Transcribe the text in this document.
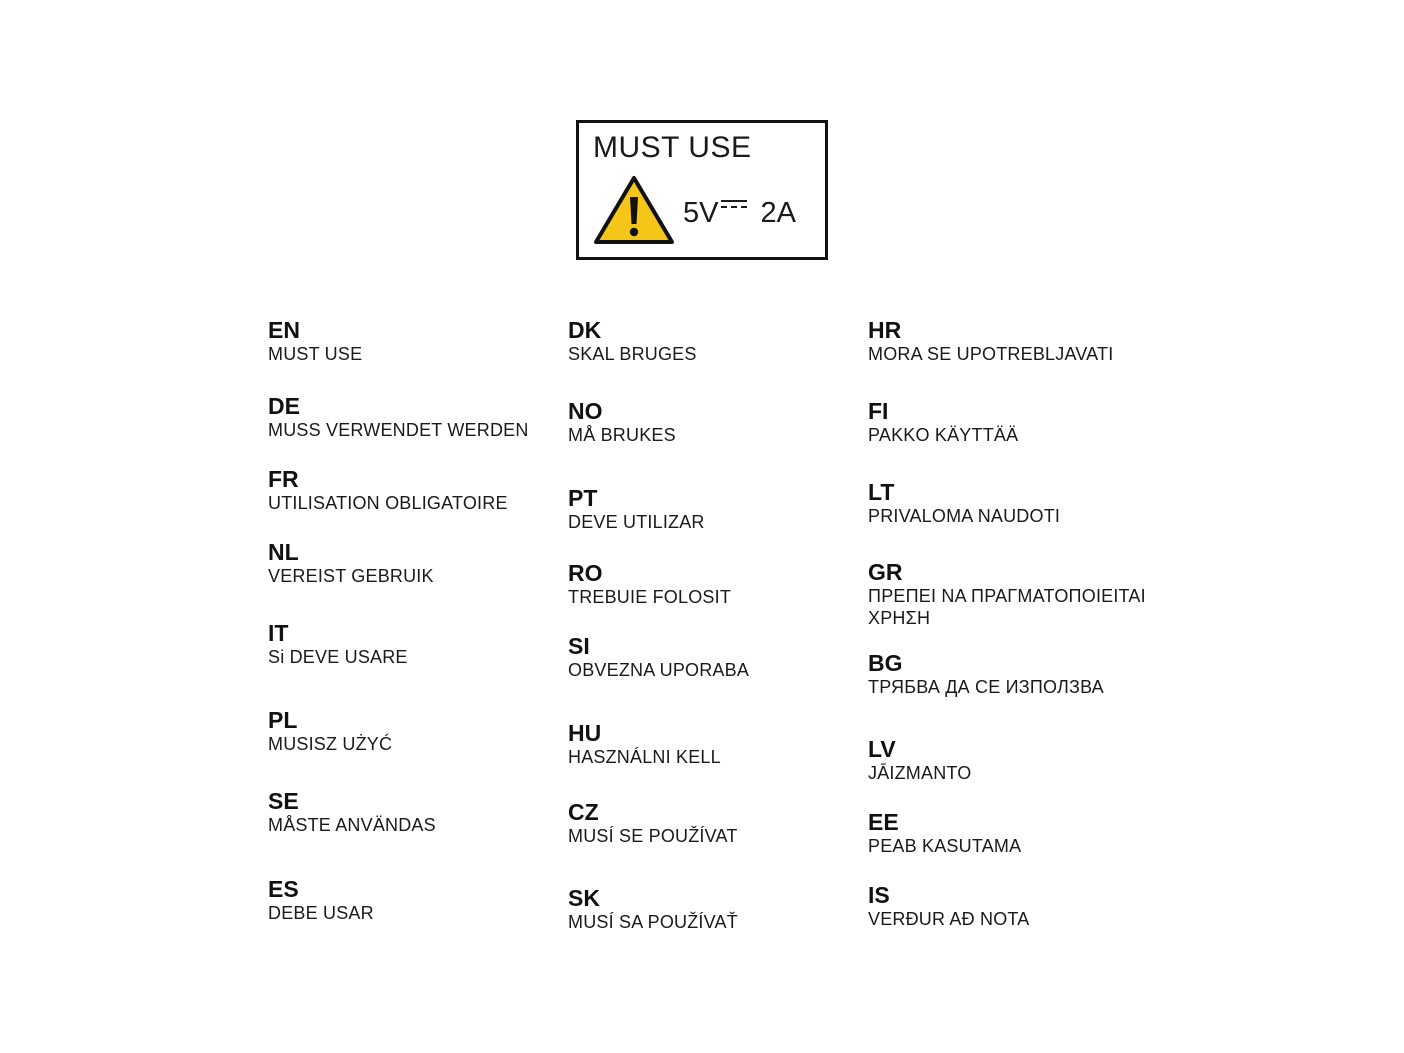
MUST USE
5V 2A
EN
MUST USE
DE
MUSS VERWENDET WERDEN
FR
UTILISATION OBLIGATOIRE
NL
VEREIST GEBRUIK
IT
Si DEVE USARE
PL
MUSISZ UŻYĆ
SE
MÅSTE ANVÄNDAS
ES
DEBE USAR
DK
SKAL BRUGES
NO
MÅ BRUKES
PT
DEVE UTILIZAR
RO
TREBUIE FOLOSIT
SI
OBVEZNA UPORABA
HU
HASZNÁLNI KELL
CZ
MUSÍ SE POUŽÍVAT
SK
MUSÍ SA POUŽÍVAŤ
HR
MORA SE UPOTREBLJAVATI
FI
PAKKO KÄYTTÄÄ
LT
PRIVALOMA NAUDOTI
GR
ΠΡΕΠΕΙ ΝΑ ΠΡΑΓΜΑΤΟΠΟΙΕΙΤΑΙ
ΧΡΗΣΗ
BG
ТРЯБВА ДА СЕ ИЗПОЛЗВА
LV
JĀIZMANTO
EE
PEAB KASUTAMA
IS
VERÐUR AÐ NOTA
